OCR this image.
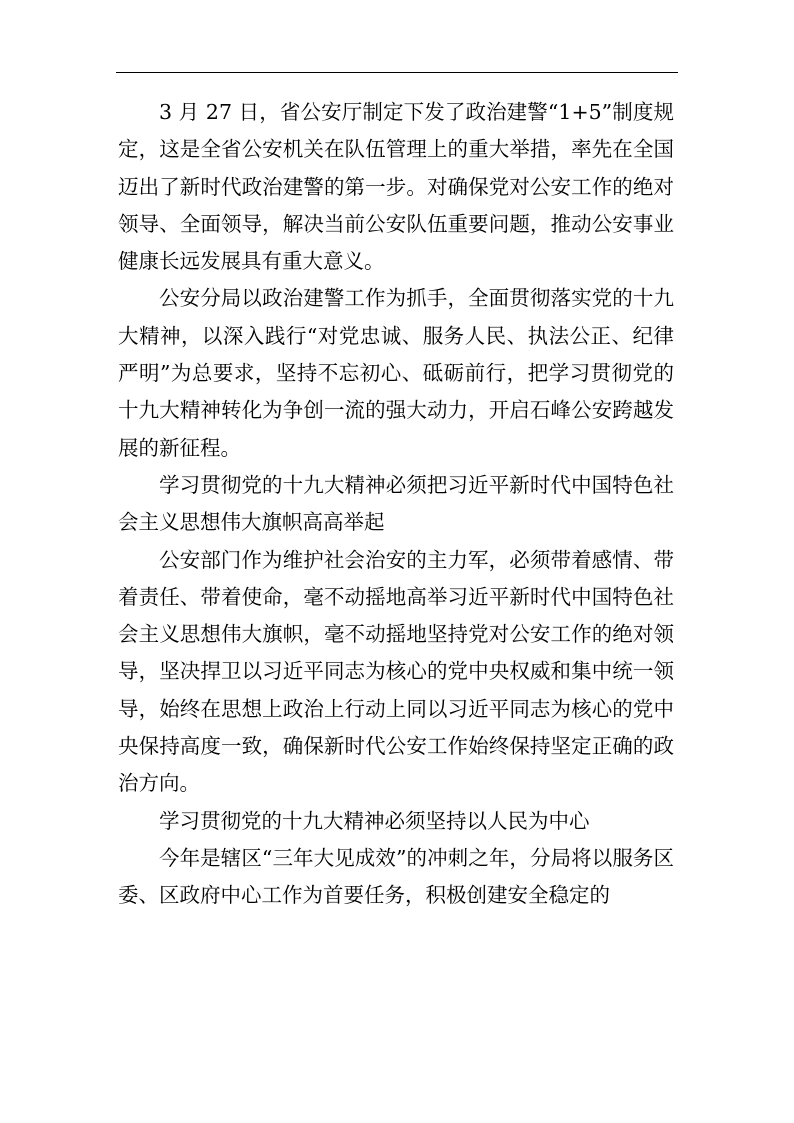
3 月 27 日，省公安厅制定下发了政治建警“1+5”制度规定，这是全省公安机关在队伍管理上的重大举措，率先在全国迈出了新时代政治建警的第一步。对确保党对公安工作的绝对领导、全面领导，解决当前公安队伍重要问题，推动公安事业健康长远发展具有重大意义。

公安分局以政治建警工作为抓手，全面贯彻落实党的十九大精神，以深入践行“对党忠诚、服务人民、执法公正、纪律严明”为总要求，坚持不忘初心、砥砺前行，把学习贯彻党的十九大精神转化为争创一流的强大动力，开启石峰公安跨越发展的新征程。

学习贯彻党的十九大精神必须把习近平新时代中国特色社会主义思想伟大旗帜高高举起

公安部门作为维护社会治安的主力军，必须带着感情、带着责任、带着使命，毫不动摇地高举习近平新时代中国特色社会主义思想伟大旗帜，毫不动摇地坚持党对公安工作的绝对领导，坚决捍卫以习近平同志为核心的党中央权威和集中统一领导，始终在思想上政治上行动上同以习近平同志为核心的党中央保持高度一致，确保新时代公安工作始终保持坚定正确的政治方向。

学习贯彻党的十九大精神必须坚持以人民为中心

今年是辖区“三年大见成效”的冲刺之年，分局将以服务区委、区政府中心工作为首要任务，积极创建安全稳定的
